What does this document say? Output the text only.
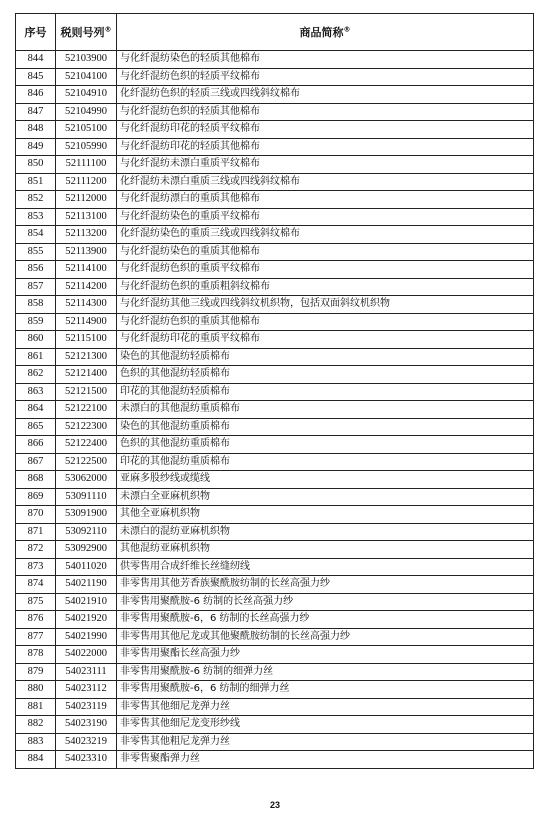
序号	税则号列®	商品简称®
844	52103900	与化纤混纺染色的轻质其他棉布
845	52104100	与化纤混纺色织的轻质平纹棉布
846	52104910	化纤混纺色织的轻质三线或四线斜纹棉布
847	52104990	与化纤混纺色织的轻质其他棉布
848	52105100	与化纤混纺印花的轻质平纹棉布
849	52105990	与化纤混纺印花的轻质其他棉布
850	52111100	与化纤混纺未漂白重质平纹棉布
851	52111200	化纤混纺未漂白重质三线或四线斜纹棉布
852	52112000	与化纤混纺漂白的重质其他棉布
853	52113100	与化纤混纺染色的重质平纹棉布
854	52113200	化纤混纺染色的重质三线或四线斜纹棉布
855	52113900	与化纤混纺染色的重质其他棉布
856	52114100	与化纤混纺色织的重质平纹棉布
857	52114200	与化纤混纺色织的重质粗斜纹棉布
858	52114300	与化纤混纺其他三线或四线斜纹机织物，包括双面斜纹机织物
859	52114900	与化纤混纺色织的重质其他棉布
860	52115100	与化纤混纺印花的重质平纹棉布
861	52121300	染色的其他混纺轻质棉布
862	52121400	色织的其他混纺轻质棉布
863	52121500	印花的其他混纺轻质棉布
864	52122100	未漂白的其他混纺重质棉布
865	52122300	染色的其他混纺重质棉布
866	52122400	色织的其他混纺重质棉布
867	52122500	印花的其他混纺重质棉布
868	53062000	亚麻多股纱线或缆线
869	53091110	未漂白全亚麻机织物
870	53091900	其他全亚麻机织物
871	53092110	未漂白的混纺亚麻机织物
872	53092900	其他混纺亚麻机织物
873	54011020	供零售用合成纤维长丝缝纫线
874	54021190	非零售用其他芳香族聚酰胺纺制的长丝高强力纱
875	54021910	非零售用聚酰胺-6 纺制的长丝高强力纱
876	54021920	非零售用聚酰胺-6，6 纺制的长丝高强力纱
877	54021990	非零售用其他尼龙或其他聚酰胺纺制的长丝高强力纱
878	54022000	非零售用聚酯长丝高强力纱
879	54023111	非零售用聚酰胺-6 纺制的细弹力丝
880	54023112	非零售用聚酰胺-6，6 纺制的细弹力丝
881	54023119	非零售其他细尼龙弹力丝
882	54023190	非零售其他细尼龙变形纱线
883	54023219	非零售其他粗尼龙弹力丝
884	54023310	非零售聚酯弹力丝
23
